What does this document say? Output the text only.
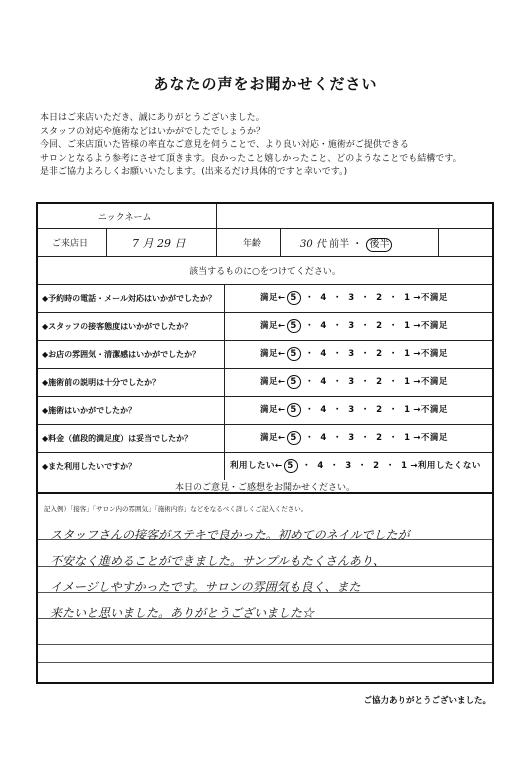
あなたの声をお聞かせください
本日はご来店いただき、誠にありがとうございました。
スタッフの対応や施術などはいかがでしたでしょうか？
今回、ご来店頂いた皆様の率直なご意見を伺うことで、より良い対応・施術がご提供できる
サロンとなるよう参考にさせて頂きます。良かったこと嬉しかったこと、どのようなことでも結構です。
是非ご協力よろしくお願いいたします。(出来るだけ具体的ですと幸いです。)
ニックネーム
ご来店日	7 月 29 日	年齢	30 代 前半 ・ 後半
該当するものに○をつけてください。
◆予約時の電話・メール対応はいかがでしたか？	満足← 5 ・ 4 ・ 3 ・ 2 ・ 1 →不満足
◆スタッフの接客態度はいかがでしたか？	満足← 5 ・ 4 ・ 3 ・ 2 ・ 1 →不満足
◆お店の雰囲気・清潔感はいかがでしたか？	満足← 5 ・ 4 ・ 3 ・ 2 ・ 1 →不満足
◆施術前の説明は十分でしたか？	満足← 5 ・ 4 ・ 3 ・ 2 ・ 1 →不満足
◆施術はいかがでしたか？	満足← 5 ・ 4 ・ 3 ・ 2 ・ 1 →不満足
◆料金（値段的満足度）は妥当でしたか？	満足← 5 ・ 4 ・ 3 ・ 2 ・ 1 →不満足
◆また利用したいですか？	利用したい← 5 ・ 4 ・ 3 ・ 2 ・ 1 →利用したくない
本日のご意見・ご感想をお聞かせください。
記入例）「接客」「サロン内の雰囲気」「施術内容」などをなるべく詳しくご記入ください。
スタッフさんの接客がステキで良かった。初めてのネイルでしたが
不安なく進めることができました。サンプルもたくさんあり、
イメージしやすかったです。サロンの雰囲気も良く、また
来たいと思いました。ありがとうございました☆
ご協力ありがとうございました。
